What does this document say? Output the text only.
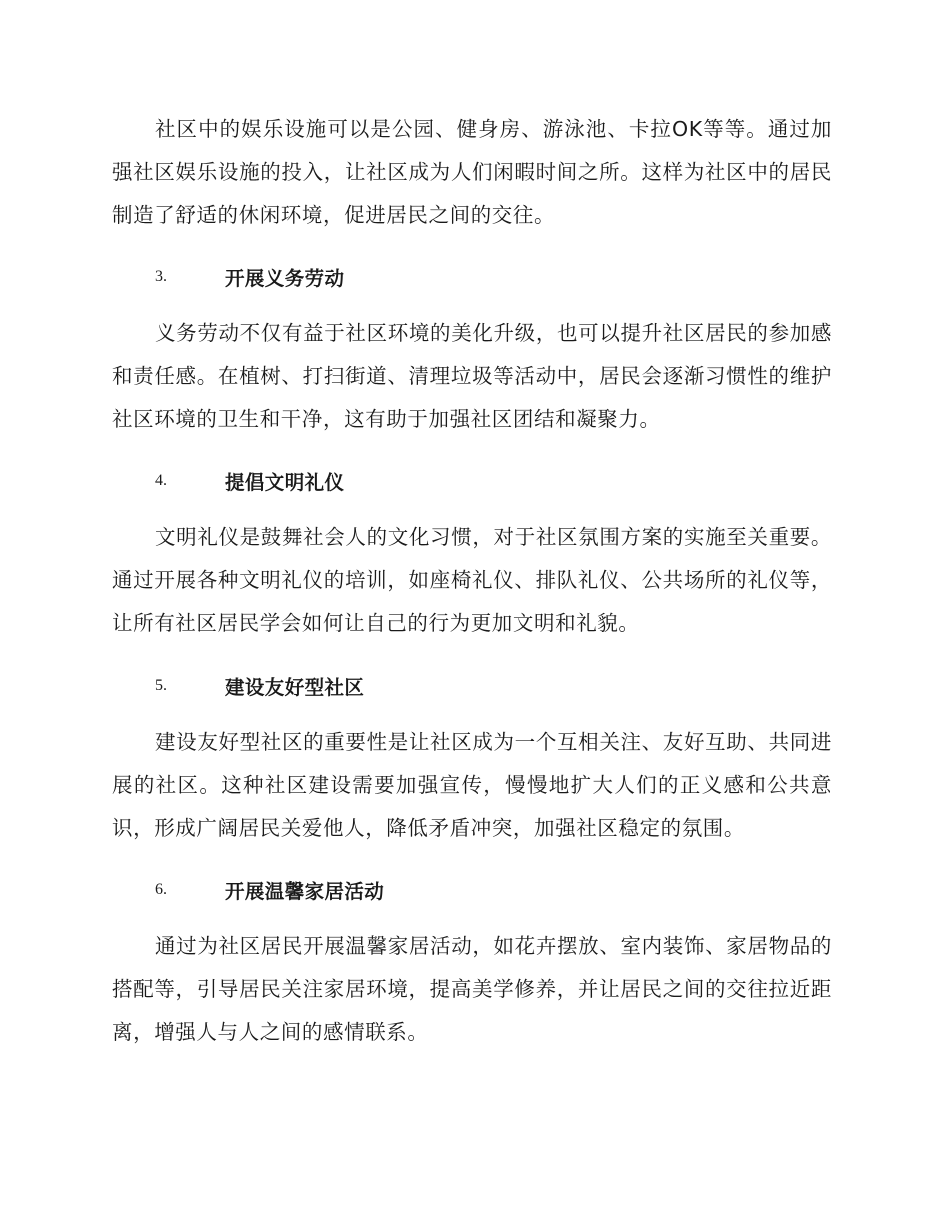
社区中的娱乐设施可以是公园、健身房、游泳池、卡拉OK等等。通过加强社区娱乐设施的投入，让社区成为人们闲暇时间之所。这样为社区中的居民制造了舒适的休闲环境，促进居民之间的交往。

3.	开展义务劳动

义务劳动不仅有益于社区环境的美化升级，也可以提升社区居民的参加感和责任感。在植树、打扫街道、清理垃圾等活动中，居民会逐渐习惯性的维护社区环境的卫生和干净，这有助于加强社区团结和凝聚力。

4.	提倡文明礼仪

文明礼仪是鼓舞社会人的文化习惯，对于社区氛围方案的实施至关重要。通过开展各种文明礼仪的培训，如座椅礼仪、排队礼仪、公共场所的礼仪等，让所有社区居民学会如何让自己的行为更加文明和礼貌。

5.	建设友好型社区

建设友好型社区的重要性是让社区成为一个互相关注、友好互助、共同进展的社区。这种社区建设需要加强宣传，慢慢地扩大人们的正义感和公共意识，形成广阔居民关爱他人，降低矛盾冲突，加强社区稳定的氛围。

6.	开展温馨家居活动

通过为社区居民开展温馨家居活动，如花卉摆放、室内装饰、家居物品的搭配等，引导居民关注家居环境，提高美学修养，并让居民之间的交往拉近距离，增强人与人之间的感情联系。
